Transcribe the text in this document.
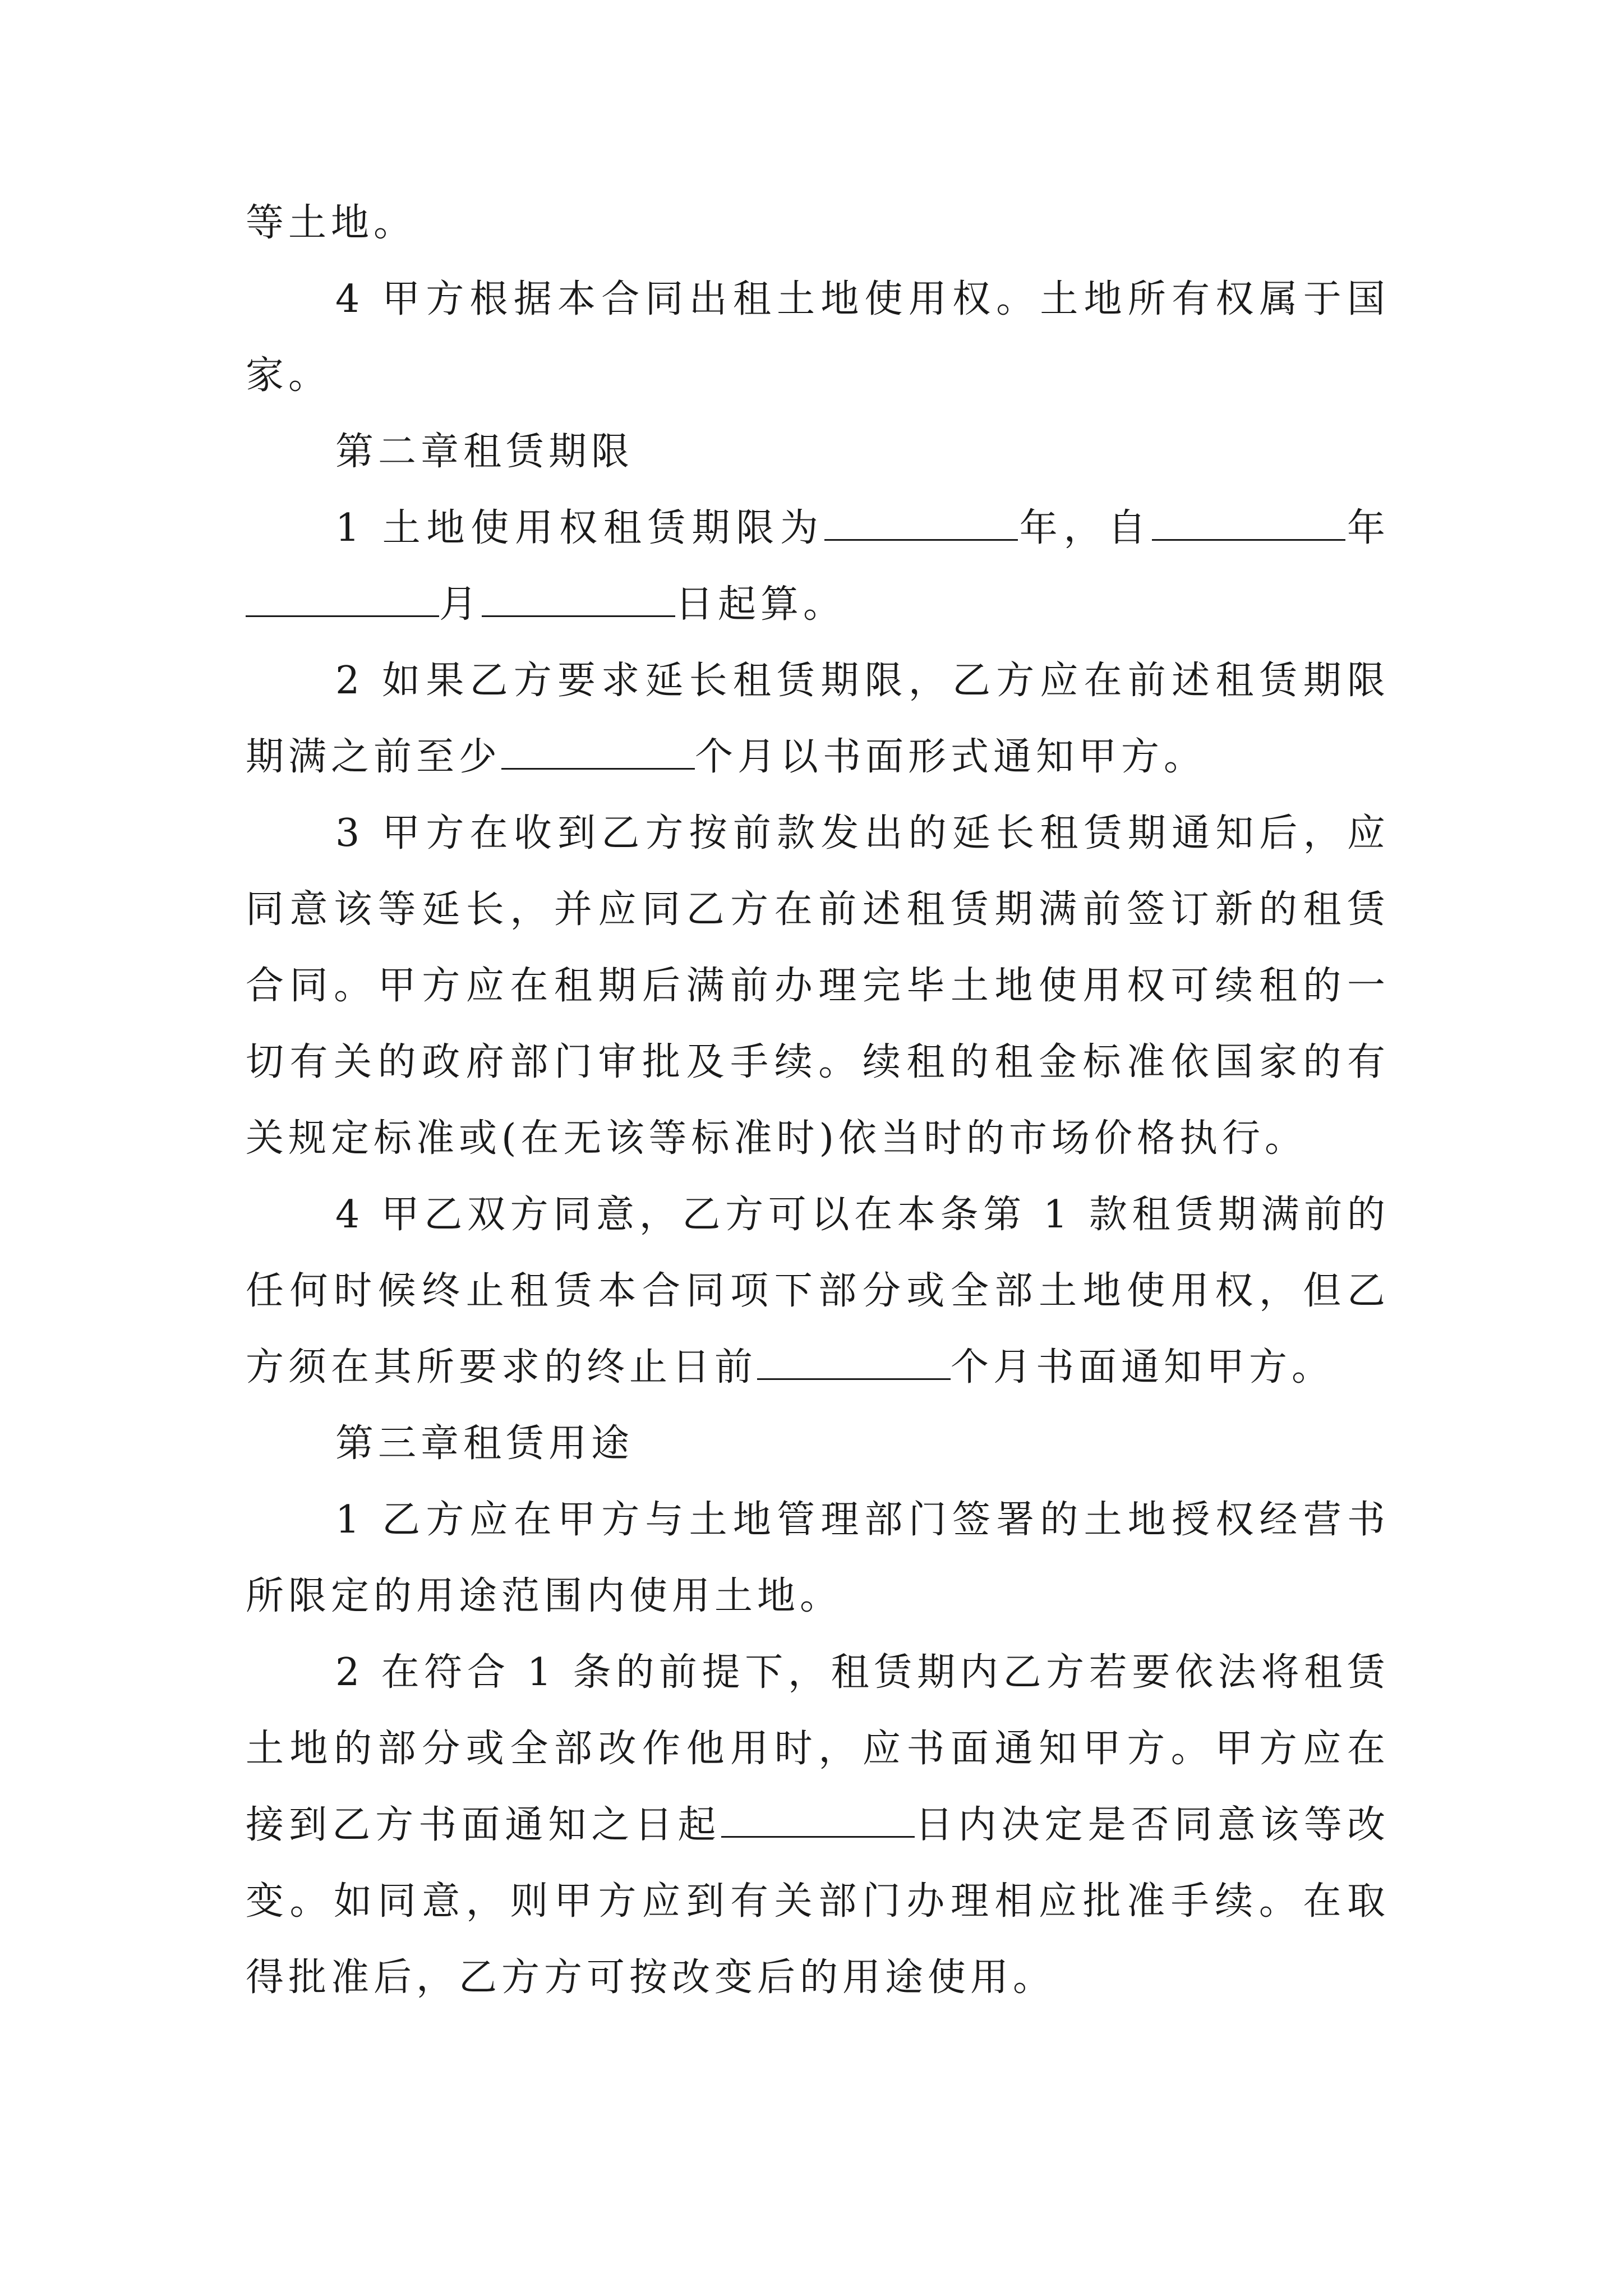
等土地。

4 甲方根据本合同出租土地使用权。土地所有权属于国家。

第二章租赁期限

1 土地使用权租赁期限为	年，自	年月	日起算。

2 如果乙方要求延长租赁期限，乙方应在前述租赁期限期满之前至少	个月以书面形式通知甲方。

3 甲方在收到乙方按前款发出的延长租赁期通知后，应同意该等延长，并应同乙方在前述租赁期满前签订新的租赁合同。甲方应在租期后满前办理完毕土地使用权可续租的一切有关的政府部门审批及手续。续租的租金标准依国家的有关规定标准或(在无该等标准时)依当时的市场价格执行。

4 甲乙双方同意，乙方可以在本条第 1 款租赁期满前的任何时候终止租赁本合同项下部分或全部土地使用权，但乙方须在其所要求的终止日前	个月书面通知甲方。

第三章租赁用途

1 乙方应在甲方与土地管理部门签署的土地授权经营书所限定的用途范围内使用土地。

2 在符合 1 条的前提下，租赁期内乙方若要依法将租赁土地的部分或全部改作他用时，应书面通知甲方。甲方应在接到乙方书面通知之日起	日内决定是否同意该等改变。如同意，则甲方应到有关部门办理相应批准手续。在取得批准后，乙方方可按改变后的用途使用。
